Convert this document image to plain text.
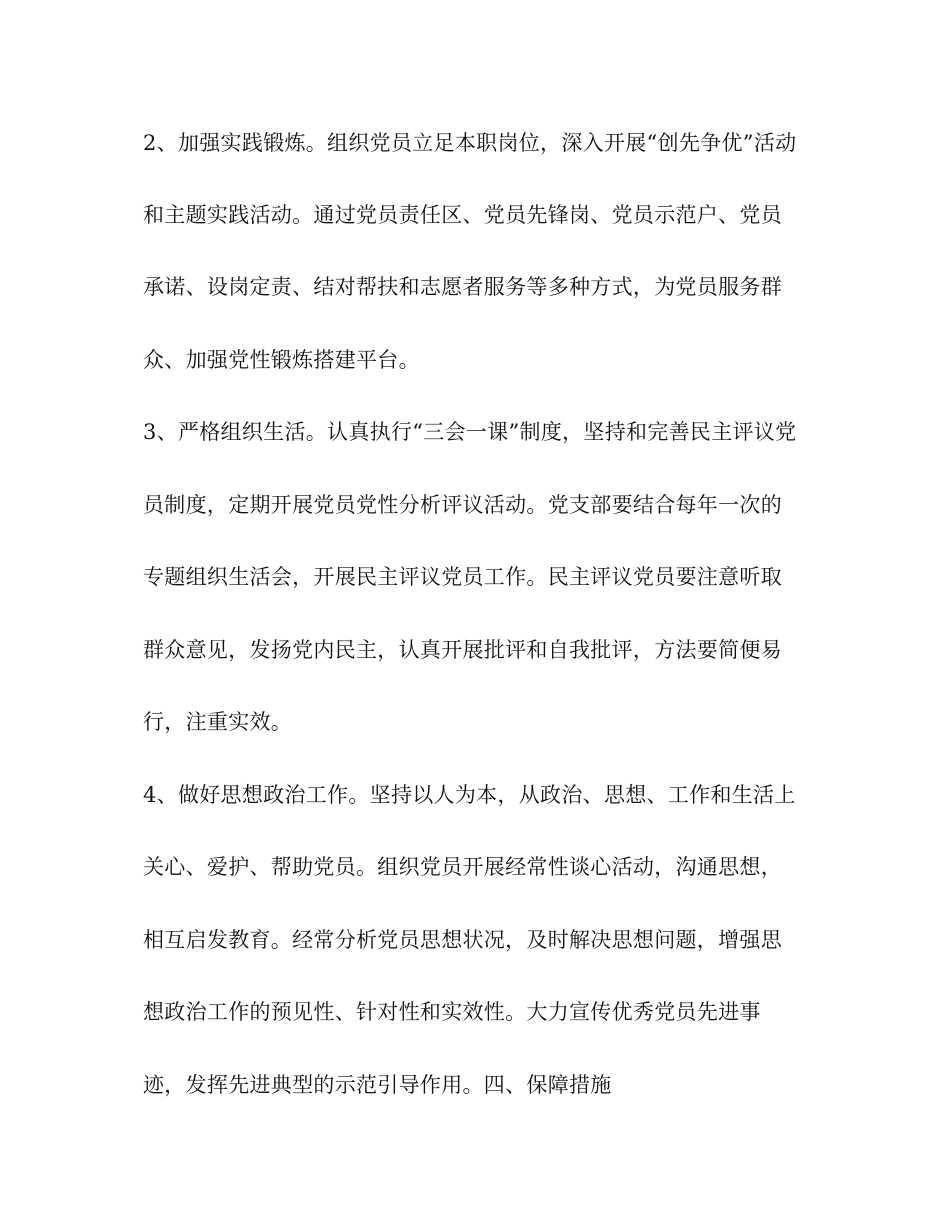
2、加强实践锻炼。组织党员立足本职岗位，深入开展“创先争优”活动
和主题实践活动。通过党员责任区、党员先锋岗、党员示范户、党员
承诺、设岗定责、结对帮扶和志愿者服务等多种方式，为党员服务群
众、加强党性锻炼搭建平台。
3、严格组织生活。认真执行“三会一课”制度，坚持和完善民主评议党
员制度，定期开展党员党性分析评议活动。党支部要结合每年一次的
专题组织生活会，开展民主评议党员工作。民主评议党员要注意听取
群众意见，发扬党内民主，认真开展批评和自我批评，方法要简便易
行，注重实效。
4、做好思想政治工作。坚持以人为本，从政治、思想、工作和生活上
关心、爱护、帮助党员。组织党员开展经常性谈心活动，沟通思想，
相互启发教育。经常分析党员思想状况，及时解决思想问题，增强思
想政治工作的预见性、针对性和实效性。大力宣传优秀党员先进事
迹，发挥先进典型的示范引导作用。四、保障措施
